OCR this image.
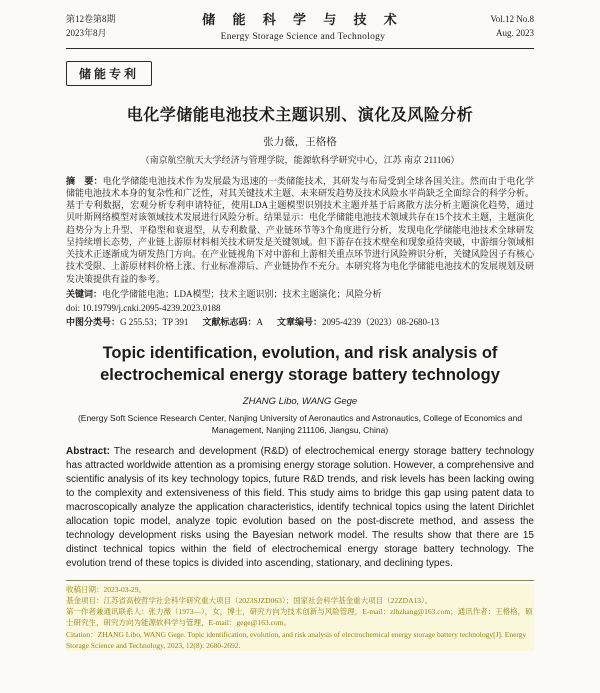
第12卷第8期
2023年8月
储 能 科 学 与 技 术
Energy Storage Science and Technology
Vol.12 No.8
Aug. 2023
储能专利
电化学储能电池技术主题识别、演化及风险分析
张力薇，王格格
（南京航空航天大学经济与管理学院，能源软科学研究中心，江苏 南京 211106）

摘　要：电化学储能电池技术作为发展最为迅速的一类储能技术，其研发与布局受到全球各国关注。然而由于电化学储能电池技术本身的复杂性和广泛性，对其关键技术主题、未来研发趋势及技术风险水平尚缺乏全面综合的科学分析。基于专利数据，宏观分析专利申请特征，使用LDA主题模型识别技术主题并基于后离散方法分析主题演化趋势，通过贝叶斯网络模型对该领域技术发展进行风险分析。结果显示：电化学储能电池技术领域共存在15个技术主题，主题演化趋势分为上升型、平稳型和衰退型，从专利数量、产业链环节等3个角度进行分析，发现电化学储能电池技术全球研发呈持续增长态势，产业链上游原材料相关技术研发是关键领域。但下游存在技术壁垒和现象亟待突破，中游细分领域相关技术正逐渐成为研发热门方向。在产业链视角下对中游和上游相关重点环节进行风险辨识分析，关键风险因子有核心技术受限、上游原材料价格上涨、行业标准滞后、产业链协作不充分。本研究将为电化学储能电池技术的发展规划及研发决策提供有益的参考。

关键词：电化学储能电池；LDA模型；技术主题识别；技术主题演化；风险分析

doi: 10.19799/j.cnki.2095-4239.2023.0188

中图分类号：G 255.53；TP 391 文献标志码：A 文章编号：2095-4239（2023）08-2680-13

Topic identification, evolution, and risk analysis of
electrochemical energy storage battery technology
ZHANG Libo, WANG Gege
(Energy Soft Science Research Center, Nanjing University of Aeronautics and Astronautics, College of Economics and
Management, Nanjing 211106, Jiangsu, China)

Abstract: The research and development (R&D) of electrochemical energy storage battery technology has attracted worldwide attention as a promising energy storage solution. However, a comprehensive and scientific analysis of its key technology topics, future R&D trends, and risk levels has been lacking owing to the complexity and extensiveness of this field. This study aims to bridge this gap using patent data to macroscopically analyze the application characteristics, identify technical topics using the latent Dirichlet allocation topic model, analyze topic evolution based on the post-discrete method, and assess the technology development risks using the Bayesian network model. The results show that there are 15 distinct technical topics within the field of electrochemical energy storage battery technology. The evolution trend of these topics is divided into ascending, stationary, and declining types.

收稿日期：2023-03-29。
基金项目：江苏省高校哲学社会科学研究重大项目（2023SJZD063）；国家社会科学基金重大项目（22ZDA13）。
第一作者兼通讯联系人：张力薇（1973—），女，博士，研究方向为技术创新与风险管理，E-mail：zlbzhang@163.com；通讯作者：王格格，硕士研究生，研究方向为能源软科学与管理，E-mail：gege@163.com。
Citation：ZHANG Libo, WANG Gege. Topic identification, evolution, and risk analysis of electrochemical energy storage battery technology[J]. Energy Storage Science and Technology, 2023, 12(8): 2680-2692.
